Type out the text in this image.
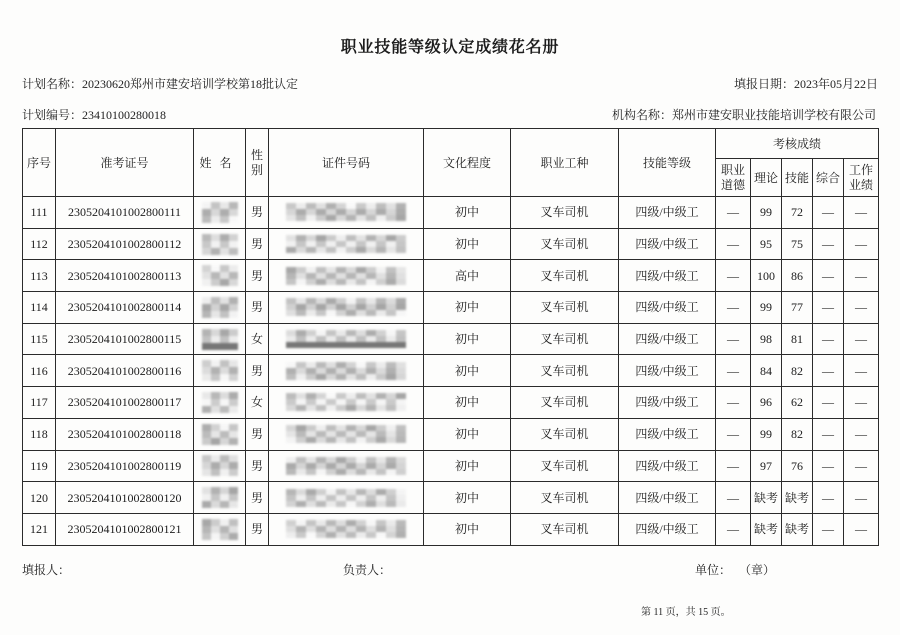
职业技能等级认定成绩花名册
计划名称：20230620郑州市建安培训学校第18批认定	填报日期：2023年05月22日
计划编号：23410100280018	机构名称：郑州市建安职业技能培训学校有限公司
序号	准考证号	姓名	性别	证件号码	文化程度	职业工种	技能等级	考核成绩				
								职业道德	理论	技能	综合	工作业绩
111	2305204101002800111		男		初中	叉车司机	四级/中级工	—	99	72	—	—
112	2305204101002800112		男		初中	叉车司机	四级/中级工	—	95	75	—	—
113	2305204101002800113		男		高中	叉车司机	四级/中级工	—	100	86	—	—
114	2305204101002800114		男		初中	叉车司机	四级/中级工	—	99	77	—	—
115	2305204101002800115		女		初中	叉车司机	四级/中级工	—	98	81	—	—
116	2305204101002800116		男		初中	叉车司机	四级/中级工	—	84	82	—	—
117	2305204101002800117		女		初中	叉车司机	四级/中级工	—	96	62	—	—
118	2305204101002800118		男		初中	叉车司机	四级/中级工	—	99	82	—	—
119	2305204101002800119		男		初中	叉车司机	四级/中级工	—	97	76	—	—
120	2305204101002800120		男		初中	叉车司机	四级/中级工	—	缺考	缺考	—	—
121	2305204101002800121		男		初中	叉车司机	四级/中级工	—	缺考	缺考	—	—
填报人：	负责人：	单位： （章）
第 11 页，共 15 页。
